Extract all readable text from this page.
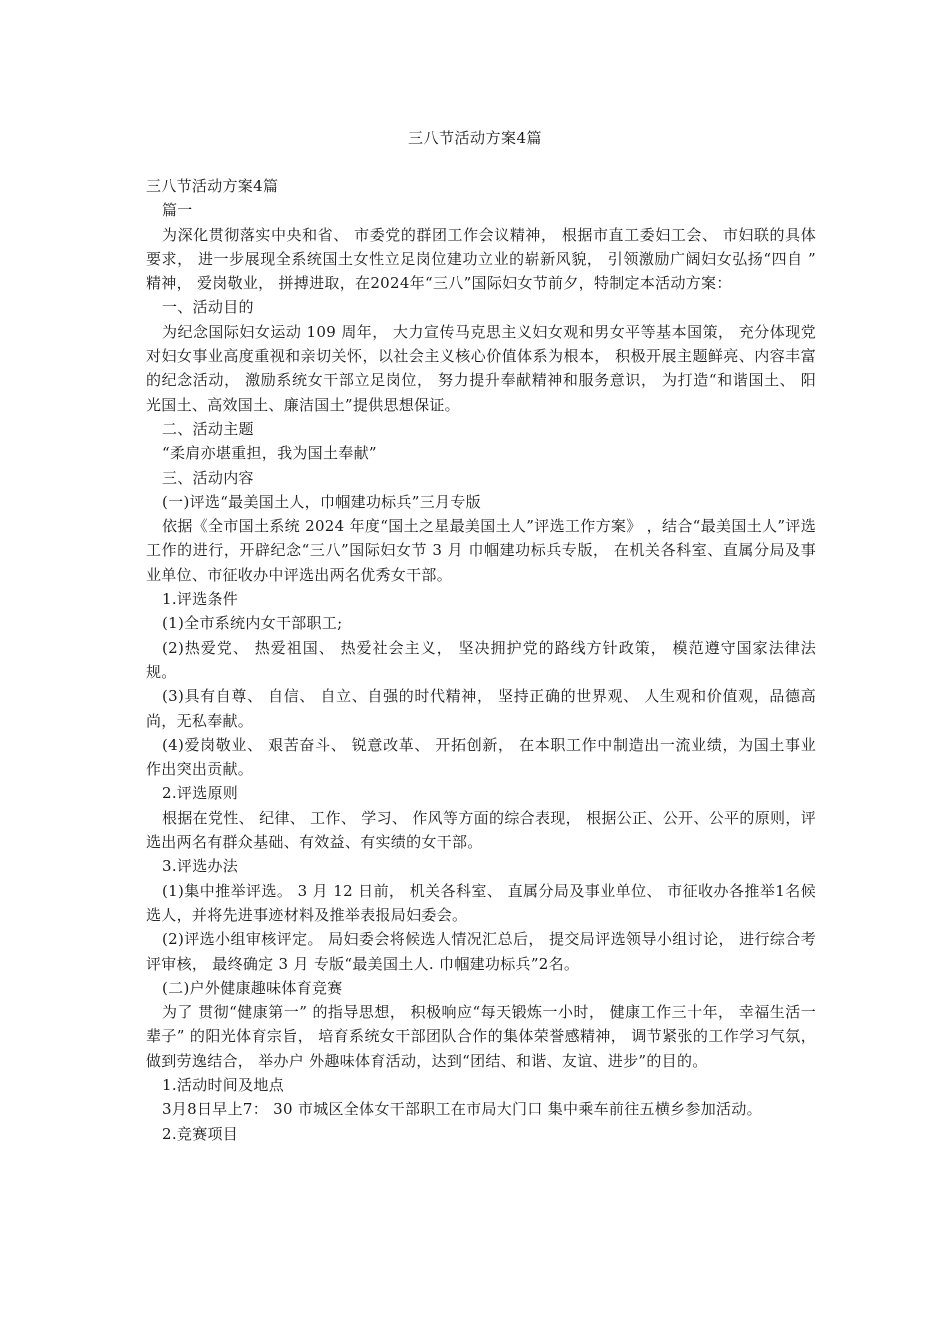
三八节活动方案4篇

三八节活动方案4篇

篇一

为深化贯彻落实中央和省、 市委党的群团工作会议精神， 根据市直工委妇工会、 市妇联的具体要求， 进一步展现全系统国土女性立足岗位建功立业的崭新风貌， 引领激励广阔妇女弘扬“四自 ” 精神， 爱岗敬业， 拼搏进取，在2024年“三八”国际妇女节前夕，特制定本活动方案：

一、活动目的

为纪念国际妇女运动 109 周年， 大力宣传马克思主义妇女观和男女平等基本国策， 充分体现党对妇女事业高度重视和亲切关怀，以社会主义核心价值体系为根本， 积极开展主题鲜亮、内容丰富的纪念活动， 激励系统女干部立足岗位， 努力提升奉献精神和服务意识， 为打造“和谐国土、 阳光国土、高效国土、廉洁国土”提供思想保证。

二、活动主题

“柔肩亦堪重担，我为国土奉献”

三、活动内容

(一)评选“最美国土人，巾帼建功标兵”三月专版

依据《全市国土系统 2024 年度“国土之星最美国土人”评选工作方案》 ，结合“最美国土人”评选工作的进行，开辟纪念“三八”国际妇女节 3 月 巾帼建功标兵专版， 在机关各科室、直属分局及事业单位、市征收办中评选出两名优秀女干部。

1.评选条件

(1)全市系统内女干部职工;

(2)热爱党、 热爱祖国、 热爱社会主义， 坚决拥护党的路线方针政策， 模范遵守国家法律法规。

(3)具有自尊、 自信、 自立、自强的时代精神， 坚持正确的世界观、 人生观和价值观，品德高尚，无私奉献。

(4)爱岗敬业、 艰苦奋斗、 锐意改革、 开拓创新， 在本职工作中制造出一流业绩，为国土事业作出突出贡献。

2.评选原则

根据在党性、 纪律、 工作、 学习、 作风等方面的综合表现， 根据公正、公开、公平的原则，评选出两名有群众基础、有效益、有实绩的女干部。

3.评选办法

(1)集中推举评选。 3 月 12 日前， 机关各科室、 直属分局及事业单位、 市征收办各推举1名候选人，并将先进事迹材料及推举表报局妇委会。

(2)评选小组审核评定。 局妇委会将候选人情况汇总后， 提交局评选领导小组讨论， 进行综合考评审核， 最终确定 3 月 专版“最美国土人. 巾帼建功标兵”2名。

(二)户外健康趣味体育竞赛

为了 贯彻“健康第一” 的指导思想， 积极响应“每天锻炼一小时， 健康工作三十年， 幸福生活一辈子” 的阳光体育宗旨， 培育系统女干部团队合作的集体荣誉感精神， 调节紧张的工作学习气氛， 做到劳逸结合， 举办户 外趣味体育活动，达到“团结、和谐、友谊、进步”的目的。

1.活动时间及地点

3月8日早上7： 30 市城区全体女干部职工在市局大门口 集中乘车前往五横乡参加活动。

2.竞赛项目
